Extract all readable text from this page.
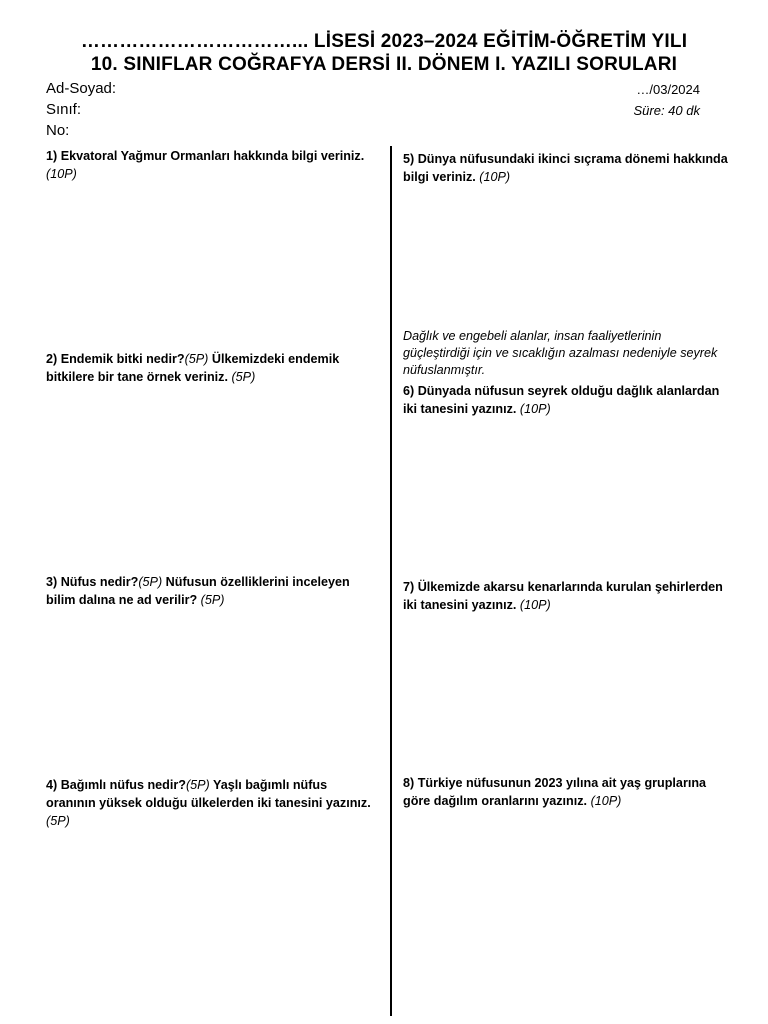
……………………………... LİSESİ 2023–2024 EĞİTİM-ÖĞRETİM YILI
10. SINIFLAR COĞRAFYA DERSİ II. DÖNEM I. YAZILI SORULARI
Ad-Soyad:
Sınıf:
No:
…/03/2024
Süre: 40 dk
1) Ekvatoral Yağmur Ormanları hakkında bilgi veriniz. (10P)
2) Endemik bitki nedir?(5P) Ülkemizdeki endemik bitkilere bir tane örnek veriniz. (5P)
3) Nüfus nedir?(5P) Nüfusun özelliklerini inceleyen bilim dalına ne ad verilir? (5P)
4) Bağımlı nüfus nedir?(5P) Yaşlı bağımlı nüfus oranının yüksek olduğu ülkelerden iki tanesini yazınız. (5P)
5) Dünya nüfusundaki ikinci sıçrama dönemi hakkında bilgi veriniz. (10P)
Dağlık ve engebeli alanlar, insan faaliyetlerinin güçleştirdiği için ve sıcaklığın azalması nedeniyle seyrek nüfuslanmıştır.
6) Dünyada nüfusun seyrek olduğu dağlık alanlardan iki tanesini yazınız. (10P)
7) Ülkemizde akarsu kenarlarında kurulan şehirlerden iki tanesini yazınız. (10P)
8) Türkiye nüfusunun 2023 yılına ait yaş gruplarına göre dağılım oranlarını yazınız. (10P)
